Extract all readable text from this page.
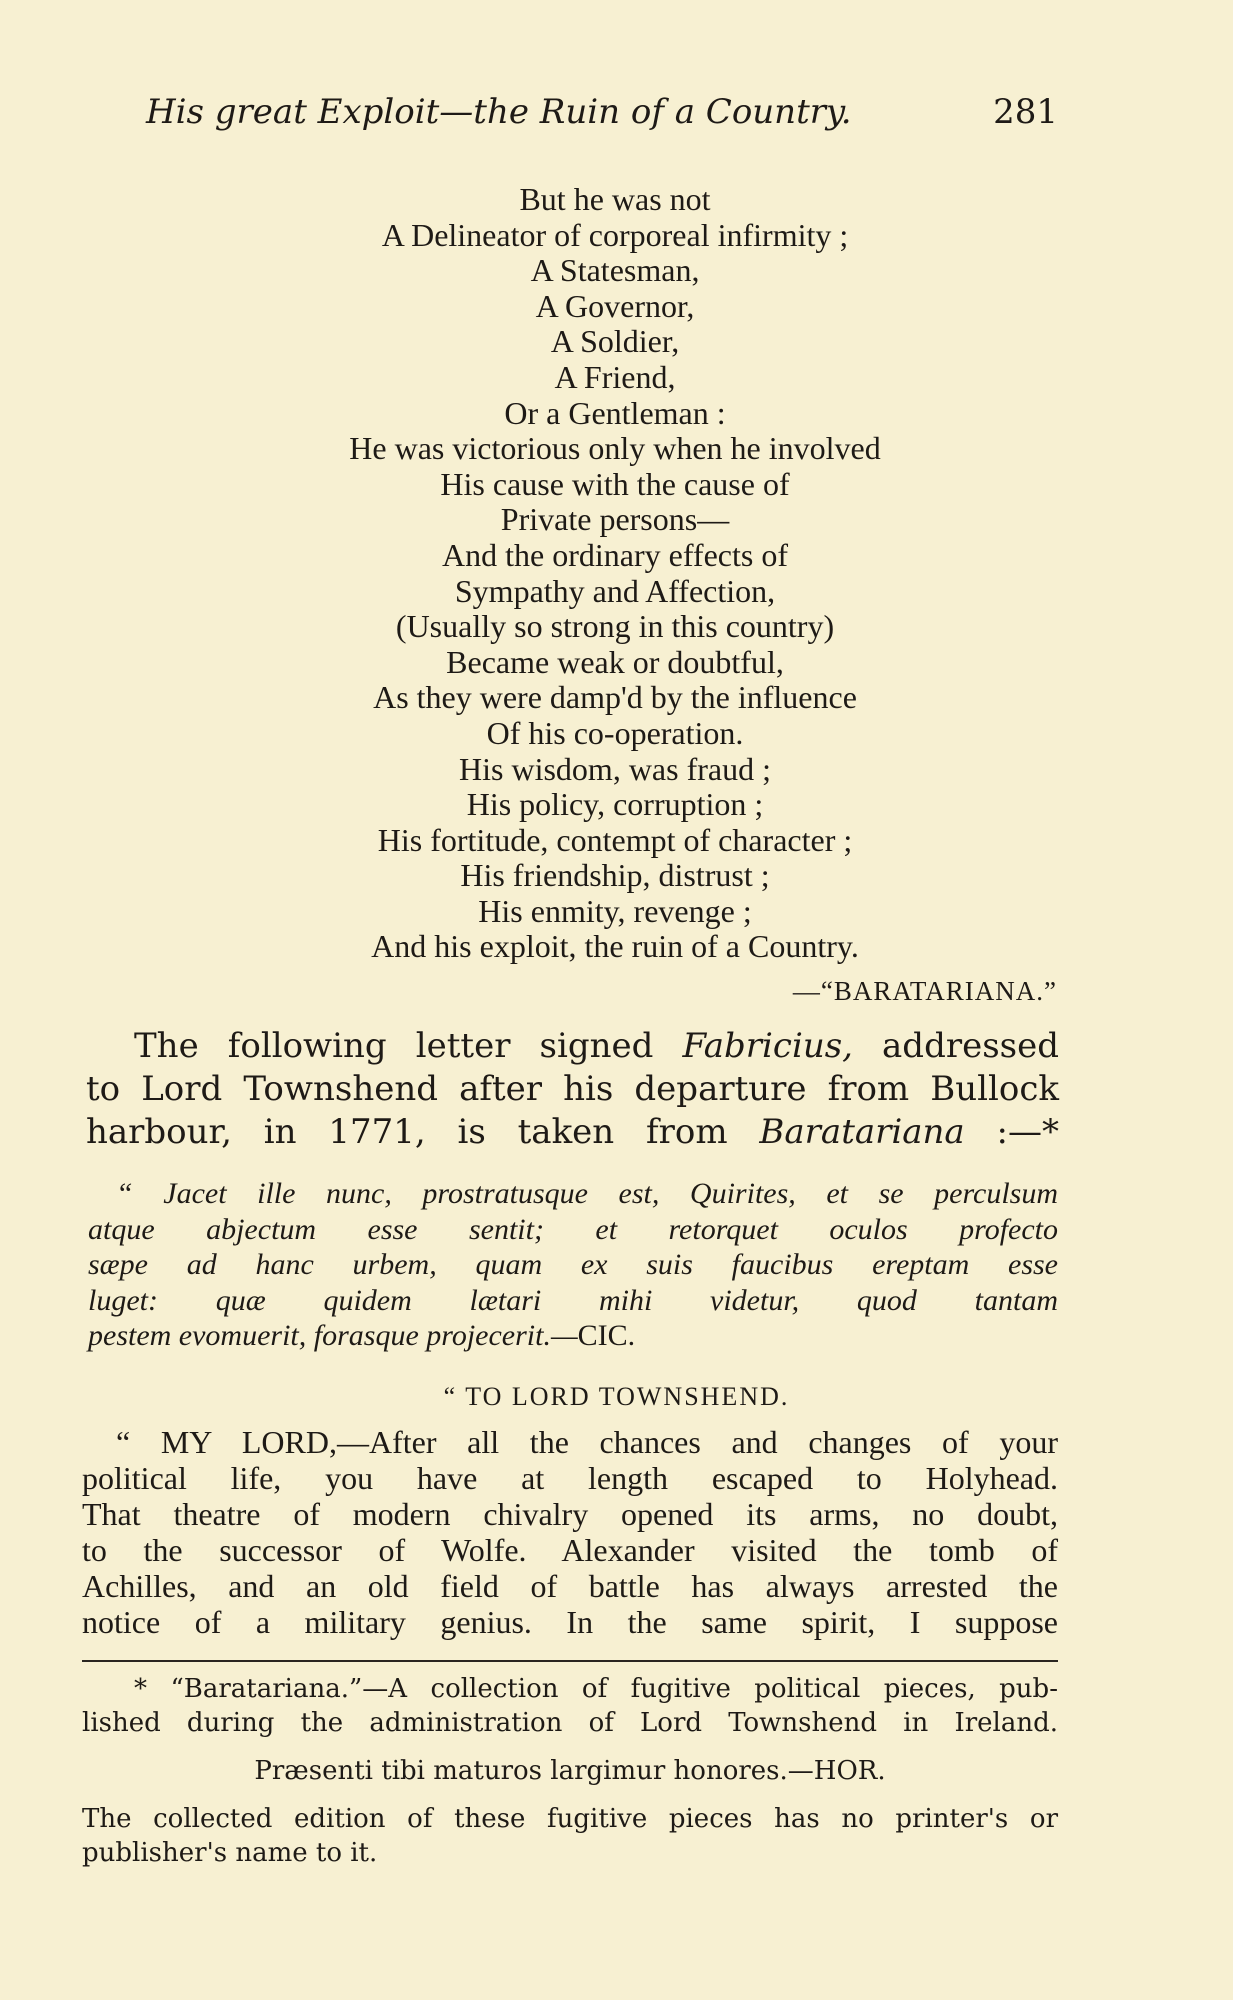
His great Exploit—the Ruin of a Country.	281
But he was not
A Delineator of corporeal infirmity ;
A Statesman,
A Governor,
A Soldier,
A Friend,
Or a Gentleman :
He was victorious only when he involved
His cause with the cause of
Private persons—
And the ordinary effects of
Sympathy and Affection,
(Usually so strong in this country)
Became weak or doubtful,
As they were damp'd by the influence
Of his co-operation.
His wisdom, was fraud ;
His policy, corruption ;
His fortitude, contempt of character ;
His friendship, distrust ;
His enmity, revenge ;
And his exploit, the ruin of a Country.
—“BARATARIANA.”
The following letter signed Fabricius, addressed
to Lord Townshend after his departure from Bullock
harbour, in 1771, is taken from Baratariana :—*
“ Jacet ille nunc, prostratusque est, Quirites, et se perculsum
atque abjectum esse sentit; et retorquet oculos profecto
sæpe ad hanc urbem, quam ex suis faucibus ereptam esse
luget: quæ quidem lætari mihi videtur, quod tantam
pestem evomuerit, forasque projecerit.—CIC.
“ TO LORD TOWNSHEND.
“ MY LORD,—After all the chances and changes of your
political life, you have at length escaped to Holyhead.
That theatre of modern chivalry opened its arms, no doubt,
to the successor of Wolfe. Alexander visited the tomb of
Achilles, and an old field of battle has always arrested the
notice of a military genius. In the same spirit, I suppose
* “Baratariana.”—A collection of fugitive political pieces, pub-
lished during the administration of Lord Townshend in Ireland.
Præsenti tibi maturos largimur honores.—HOR.
The collected edition of these fugitive pieces has no printer's or
publisher's name to it.
